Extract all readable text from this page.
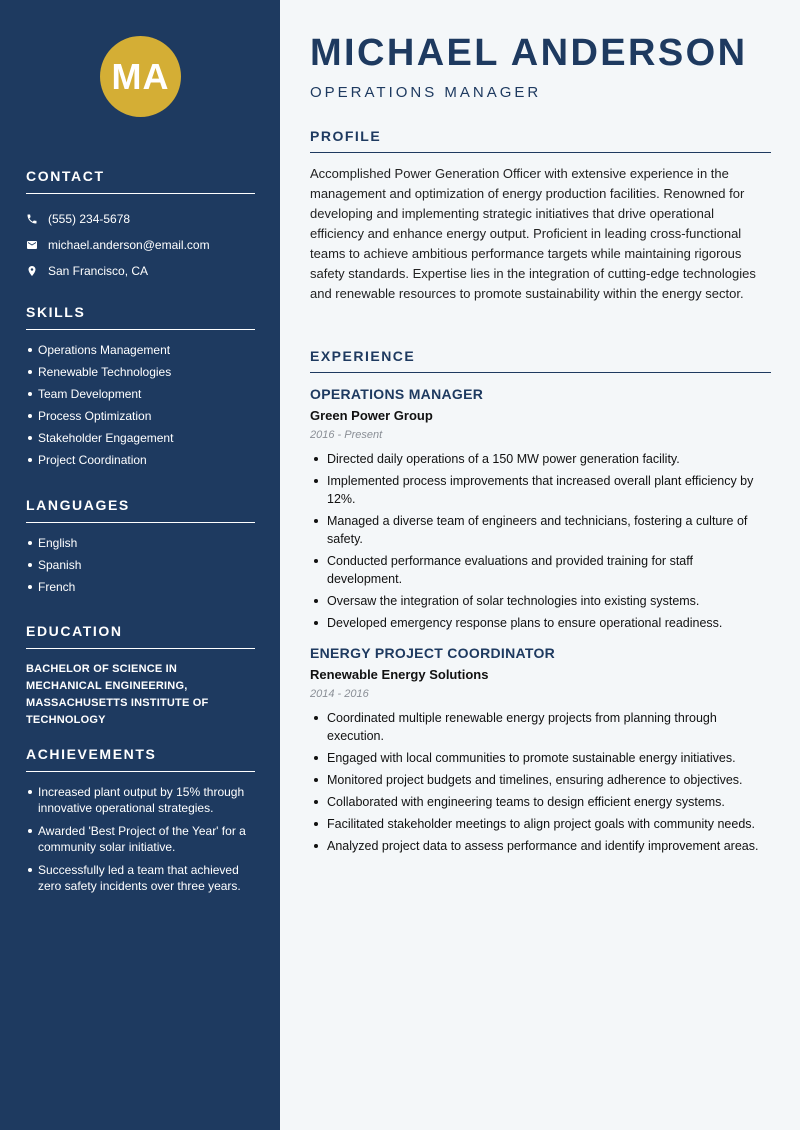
MA
CONTACT
(555) 234-5678
michael.anderson@email.com
San Francisco, CA
SKILLS
Operations Management
Renewable Technologies
Team Development
Process Optimization
Stakeholder Engagement
Project Coordination
LANGUAGES
English
Spanish
French
EDUCATION
BACHELOR OF SCIENCE IN MECHANICAL ENGINEERING, MASSACHUSETTS INSTITUTE OF TECHNOLOGY
ACHIEVEMENTS
Increased plant output by 15% through innovative operational strategies.
Awarded 'Best Project of the Year' for a community solar initiative.
Successfully led a team that achieved zero safety incidents over three years.
MICHAEL ANDERSON
OPERATIONS MANAGER
PROFILE

Accomplished Power Generation Officer with extensive experience in the management and optimization of energy production facilities. Renowned for developing and implementing strategic initiatives that drive operational efficiency and enhance energy output. Proficient in leading cross-functional teams to achieve ambitious performance targets while maintaining rigorous safety standards. Expertise lies in the integration of cutting-edge technologies and renewable resources to promote sustainability within the energy sector.

EXPERIENCE
OPERATIONS MANAGER
Green Power Group
2016 - Present
Directed daily operations of a 150 MW power generation facility.
Implemented process improvements that increased overall plant efficiency by 12%.
Managed a diverse team of engineers and technicians, fostering a culture of safety.
Conducted performance evaluations and provided training for staff development.
Oversaw the integration of solar technologies into existing systems.
Developed emergency response plans to ensure operational readiness.
ENERGY PROJECT COORDINATOR
Renewable Energy Solutions
2014 - 2016
Coordinated multiple renewable energy projects from planning through execution.
Engaged with local communities to promote sustainable energy initiatives.
Monitored project budgets and timelines, ensuring adherence to objectives.
Collaborated with engineering teams to design efficient energy systems.
Facilitated stakeholder meetings to align project goals with community needs.
Analyzed project data to assess performance and identify improvement areas.
